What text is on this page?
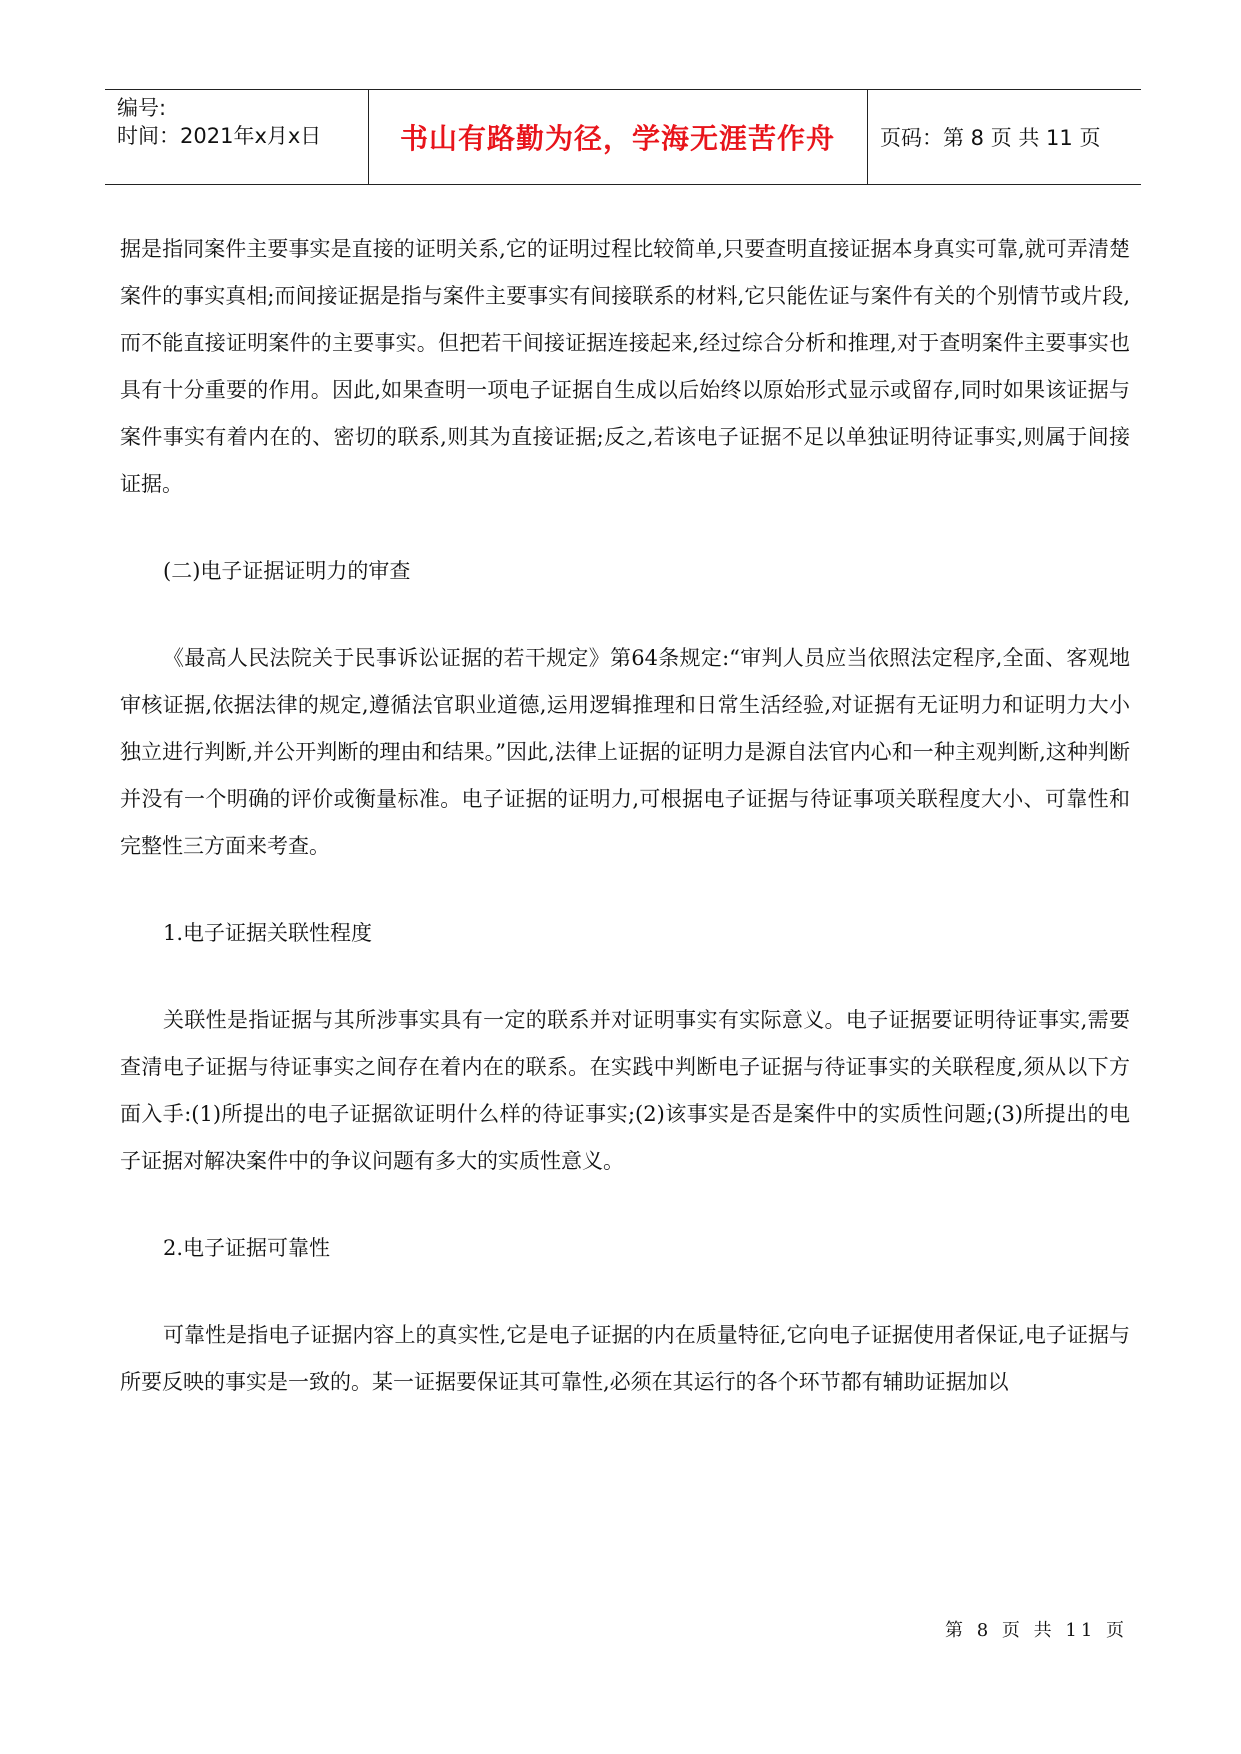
编号:
时间：2021年x月x日	书山有路勤为径，学海无涯苦作舟 页码：第 8 页 共 11 页

据是指同案件主要事实是直接的证明关系,它的证明过程比较简单,只要查明直接证据本身真实可靠,就可弄清楚案件的事实真相;而间接证据是指与案件主要事实有间接联系的材料,它只能佐证与案件有关的个别情节或片段,而不能直接证明案件的主要事实。但把若干间接证据连接起来,经过综合分析和推理,对于查明案件主要事实也具有十分重要的作用。因此,如果查明一项电子证据自生成以后始终以原始形式显示或留存,同时如果该证据与案件事实有着内在的、密切的联系,则其为直接证据;反之,若该电子证据不足以单独证明待证事实,则属于间接证据。

(二)电子证据证明力的审查

《最高人民法院关于民事诉讼证据的若干规定》第64条规定:“审判人员应当依照法定程序,全面、客观地审核证据,依据法律的规定,遵循法官职业道德,运用逻辑推理和日常生活经验,对证据有无证明力和证明力大小独立进行判断,并公开判断的理由和结果。”因此,法律上证据的证明力是源自法官内心和一种主观判断,这种判断并没有一个明确的评价或衡量标准。电子证据的证明力,可根据电子证据与待证事项关联程度大小、可靠性和完整性三方面来考查。

1.电子证据关联性程度

关联性是指证据与其所涉事实具有一定的联系并对证明事实有实际意义。电子证据要证明待证事实,需要查清电子证据与待证事实之间存在着内在的联系。在实践中判断电子证据与待证事实的关联程度,须从以下方面入手:(1)所提出的电子证据欲证明什么样的待证事实;(2)该事实是否是案件中的实质性问题;(3)所提出的电子证据对解决案件中的争议问题有多大的实质性意义。

2.电子证据可靠性

可靠性是指电子证据内容上的真实性,它是电子证据的内在质量特征,它向电子证据使用者保证,电子证据与所要反映的事实是一致的。某一证据要保证其可靠性,必须在其运行的各个环节都有辅助证据加以

第 8 页 共 11 页
